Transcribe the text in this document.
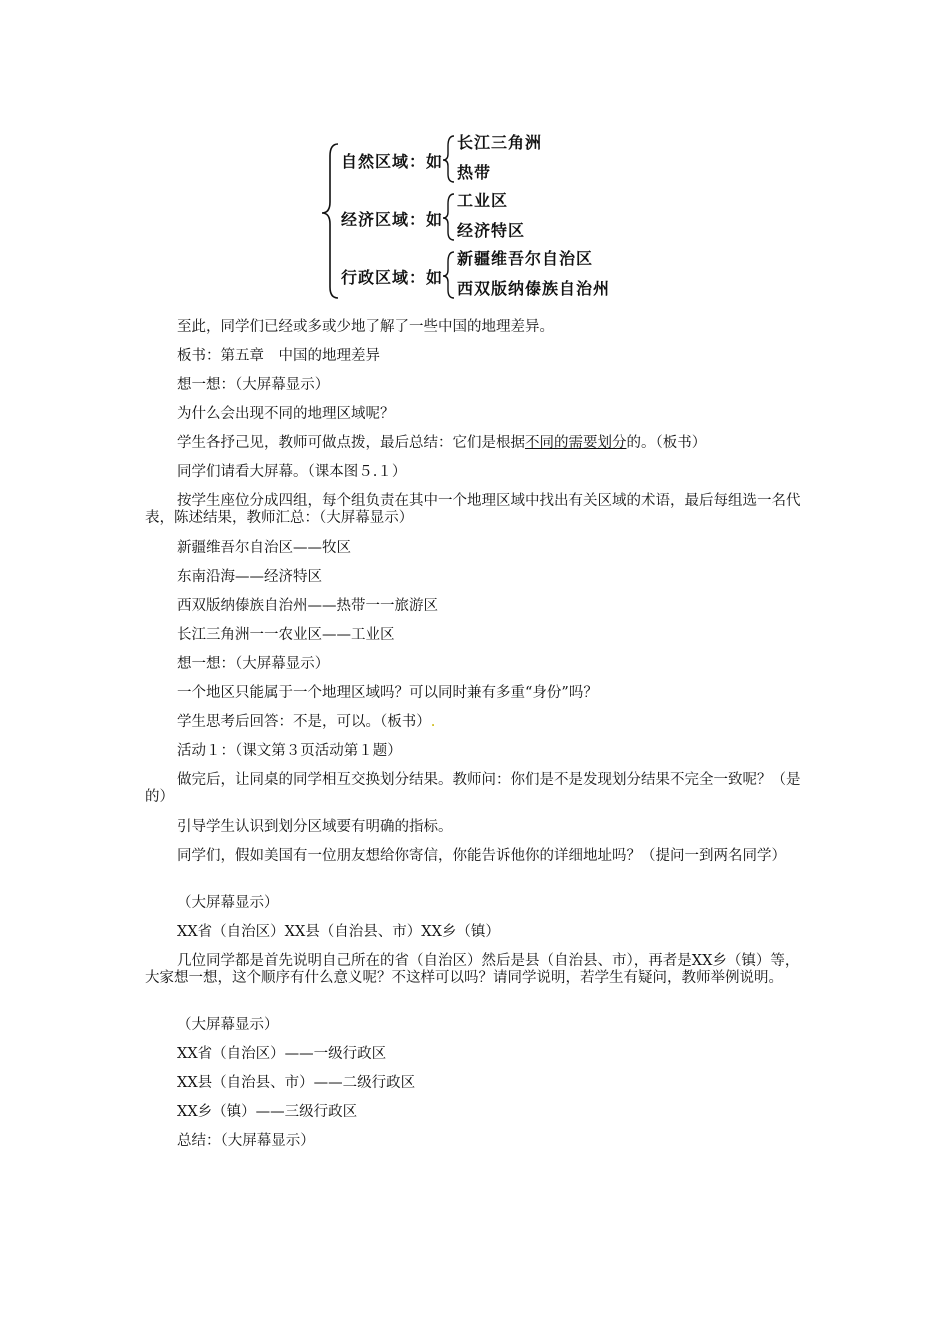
自然区域：如
长江三角洲
热带
经济区域：如
工业区
经济特区
行政区域：如
新疆维吾尔自治区
西双版纳傣族自治州
至此，同学们已经或多或少地了解了一些中国的地理差异。
板书：第五章　中国的地理差异
想一想：（大屏幕显示）
为什么会出现不同的地理区域呢？
学生各抒己见，教师可做点拨，最后总结：它们是根据不同的需要划分的。（板书）
同学们请看大屏幕。（课本图５.１）
按学生座位分成四组，每个组负责在其中一个地理区域中找出有关区域的术语，最后每组选一名代表，陈述结果，教师汇总：（大屏幕显示）
新疆维吾尔自治区——牧区
东南沿海——经济特区
西双版纳傣族自治州——热带一一旅游区
长江三角洲一一农业区——工业区
想一想：（大屏幕显示）
一个地区只能属于一个地理区域吗？可以同时兼有多重“身份”吗？
学生思考后回答：不是，可以。（板书）.
活动１：（课文第３页活动第１题）
做完后，让同桌的同学相互交换划分结果。教师问：你们是不是发现划分结果不完全一致呢？（是的）
引导学生认识到划分区域要有明确的指标。
同学们，假如美国有一位朋友想给你寄信，你能告诉他你的详细地址吗？（提问一到两名同学）
（大屏幕显示）
XX省（自治区）XX县（自治县、市）XX乡（镇）
几位同学都是首先说明自己所在的省（自治区）然后是县（自治县、市），再者是XX乡（镇）等，大家想一想，这个顺序有什么意义呢？不这样可以吗？请同学说明，若学生有疑问，教师举例说明。
（大屏幕显示）
XX省（自治区）——一级行政区
XX县（自治县、市）——二级行政区
XX乡（镇）——三级行政区
总结：（大屏幕显示）
